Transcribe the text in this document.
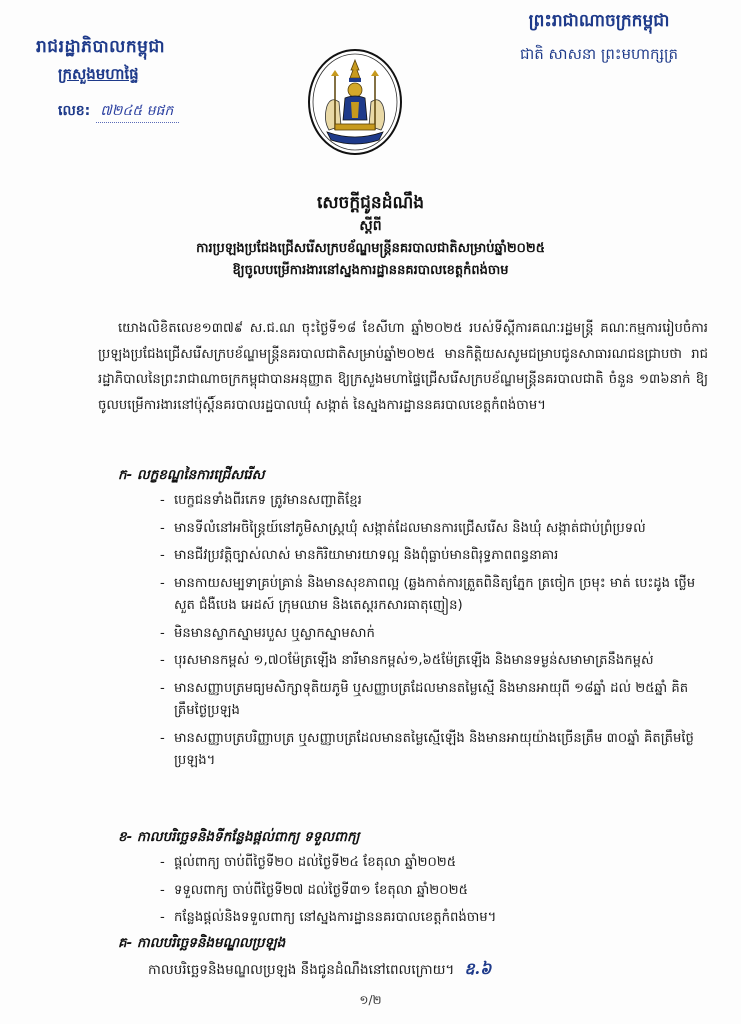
រាជរដ្ឋាភិបាលកម្ពុជា
ក្រសួងមហាផ្ទៃ
លេខ: ៧២៤៥ មផក
ព្រះរាជាណាចក្រកម្ពុជា
ជាតិ សាសនា ព្រះមហាក្សត្រ
សេចក្តីជូនដំណឹង
ស្តីពី
ការប្រឡងប្រជែងជ្រើសរើសក្របខ័ណ្ឌមន្ត្រីនគរបាលជាតិសម្រាប់ឆ្នាំ២០២៥
ឱ្យចូលបម្រើការងារនៅស្នងការដ្ឋាននគរបាលខេត្តកំពង់ចាម
យោងលិខិតលេខ១៣៧៩ ស.ជ.ណ ចុះថ្ងៃទី១៨ ខែសីហា ឆ្នាំ២០២៥ របស់ទីស្តីការគណៈរដ្ឋមន្ត្រី គណៈកម្មការរៀបចំការប្រឡងប្រជែងជ្រើសរើសក្របខ័ណ្ឌមន្ត្រីនគរបាលជាតិសម្រាប់ឆ្នាំ២០២៥ មានកិត្តិយសសូមជម្រាបជូនសាធារណជនជ្រាបថា រាជរដ្ឋាភិបាលនៃព្រះរាជាណាចក្រកម្ពុជាបានអនុញ្ញាត ឱ្យក្រសួងមហាផ្ទៃជ្រើសរើសក្របខ័ណ្ឌមន្ត្រីនគរបាលជាតិ ចំនួន ១៣៦នាក់ ឱ្យចូលបម្រើការងារនៅប៉ុស្តិ៍នគរបាលរដ្ឋបាលឃុំ សង្កាត់ នៃស្នងការដ្ឋាននគរបាលខេត្តកំពង់ចាម។
ក- លក្ខខណ្ឌនៃការជ្រើសរើស
- បេក្ខជនទាំងពីរភេទ ត្រូវមានសញ្ជាតិខ្មែរ
- មានទីលំនៅអចិន្ត្រៃយ៍នៅភូមិសាស្ត្រឃុំ សង្កាត់ដែលមានការជ្រើសរើស និងឃុំ សង្កាត់ជាប់ព្រំប្រទល់
- មានជីវប្រវត្តិច្បាស់លាស់ មានកិរិយាមារយាទល្អ និងពុំធ្លាប់មានពិរុទ្ធភាពពន្ធនាគារ
- មានកាយសម្បទាគ្រប់គ្រាន់ និងមានសុខភាពល្អ (ឆ្លងកាត់ការត្រួតពិនិត្យភ្នែក ត្រចៀក ច្រមុះ មាត់ បេះដូង ថ្លើម សួត ជំងឺបេង អេដស៍ ក្រុមឈាម និងតេស្តរកសារធាតុញៀន)
- មិនមានស្លាកស្នាមរបួស ឬស្លាកស្នាមសាក់
- បុរសមានកម្ពស់ ១,៧០ម៉ែត្រឡើង នារីមានកម្ពស់១,៦៥ម៉ែត្រឡើង និងមានទម្ងន់សមាមាត្រនឹងកម្ពស់
- មានសញ្ញាបត្រមធ្យមសិក្សាទុតិយភូមិ ឬសញ្ញាបត្រដែលមានតម្លៃស្មើ និងមានអាយុពី ១៨ឆ្នាំ ដល់ ២៥ឆ្នាំ គិតត្រឹមថ្ងៃប្រឡង
- មានសញ្ញាបត្របរិញ្ញាបត្រ ឬសញ្ញាបត្រដែលមានតម្លៃស្មើឡើង និងមានអាយុយ៉ាងច្រើនត្រឹម ៣០ឆ្នាំ គិតត្រឹមថ្ងៃប្រឡង។
ខ- កាលបរិច្ឆេទនិងទីកន្លែងផ្តល់ពាក្យ ទទួលពាក្យ
- ផ្តល់ពាក្យ ចាប់ពីថ្ងៃទី២០ ដល់ថ្ងៃទី២៤ ខែតុលា ឆ្នាំ២០២៥
- ទទួលពាក្យ ចាប់ពីថ្ងៃទី២៧ ដល់ថ្ងៃទី៣១ ខែតុលា ឆ្នាំ២០២៥
- កន្លែងផ្តល់និងទទួលពាក្យ នៅស្នងការដ្ឋាននគរបាលខេត្តកំពង់ចាម។
គ- កាលបរិច្ឆេទនិងមណ្ឌលប្រឡង
កាលបរិច្ឆេទនិងមណ្ឌលប្រឡង នឹងជូនដំណឹងនៅពេលក្រោយ។ ឧ.៦
១/២
